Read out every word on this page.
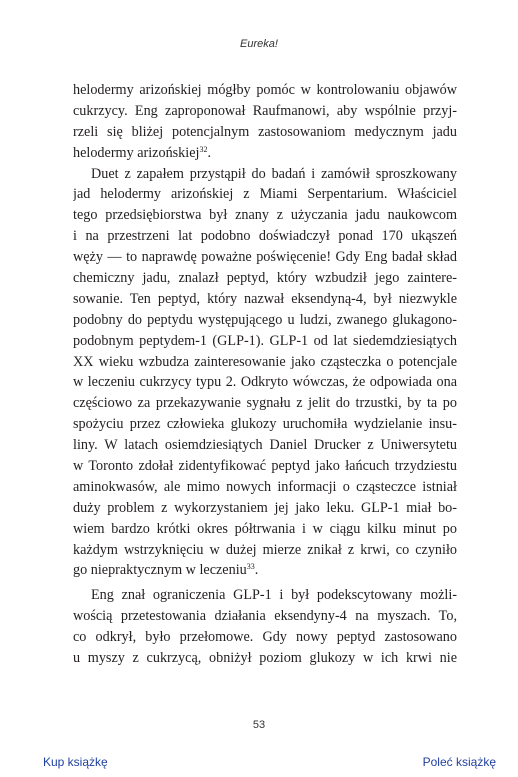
Eureka!
helodermy arizońskiej mógłby pomóc w kontrolowaniu objawów
cukrzycy. Eng zaproponował Raufmanowi, aby wspólnie przyj-
rzeli się bliżej potencjalnym zastosowaniom medycznym jadu
helodermy arizońskiej$^{32}$.
Duet z zapałem przystąpił do badań i zamówił sproszkowany
jad helodermy arizońskiej z Miami Serpentarium. Właściciel
tego przedsiębiorstwa był znany z użyczania jadu naukowcom
i na przestrzeni lat podobno doświadczył ponad 170 ukąszeń
węży — to naprawdę poważne poświęcenie! Gdy Eng badał skład
chemiczny jadu, znalazł peptyd, który wzbudził jego zaintere-
sowanie. Ten peptyd, który nazwał eksendyną-4, był niezwykle
podobny do peptydu występującego u ludzi, zwanego glukagono-
podobnym peptydem-1 (GLP-1). GLP-1 od lat siedemdziesiątych
XX wieku wzbudza zainteresowanie jako cząsteczka o potencjale
w leczeniu cukrzycy typu 2. Odkryto wówczas, że odpowiada ona
częściowo za przekazywanie sygnału z jelit do trzustki, by ta po
spożyciu przez człowieka glukozy uruchomiła wydzielanie insu-
liny. W latach osiemdziesiątych Daniel Drucker z Uniwersytetu
w Toronto zdołał zidentyfikować peptyd jako łańcuch trzydziestu
aminokwasów, ale mimo nowych informacji o cząsteczce istniał
duży problem z wykorzystaniem jej jako leku. GLP-1 miał bo-
wiem bardzo krótki okres półtrwania i w ciągu kilku minut po
każdym wstrzyknięciu w dużej mierze znikał z krwi, co czyniło
go niepraktycznym w leczeniu$^{33}$.
Eng znał ograniczenia GLP-1 i był podekscytowany możli-
wością przetestowania działania eksendyny-4 na myszach. To,
co odkrył, było przełomowe. Gdy nowy peptyd zastosowano
u myszy z cukrzycą, obniżył poziom glukozy w ich krwi nie
53
Kup książkę	Poleć książkę
